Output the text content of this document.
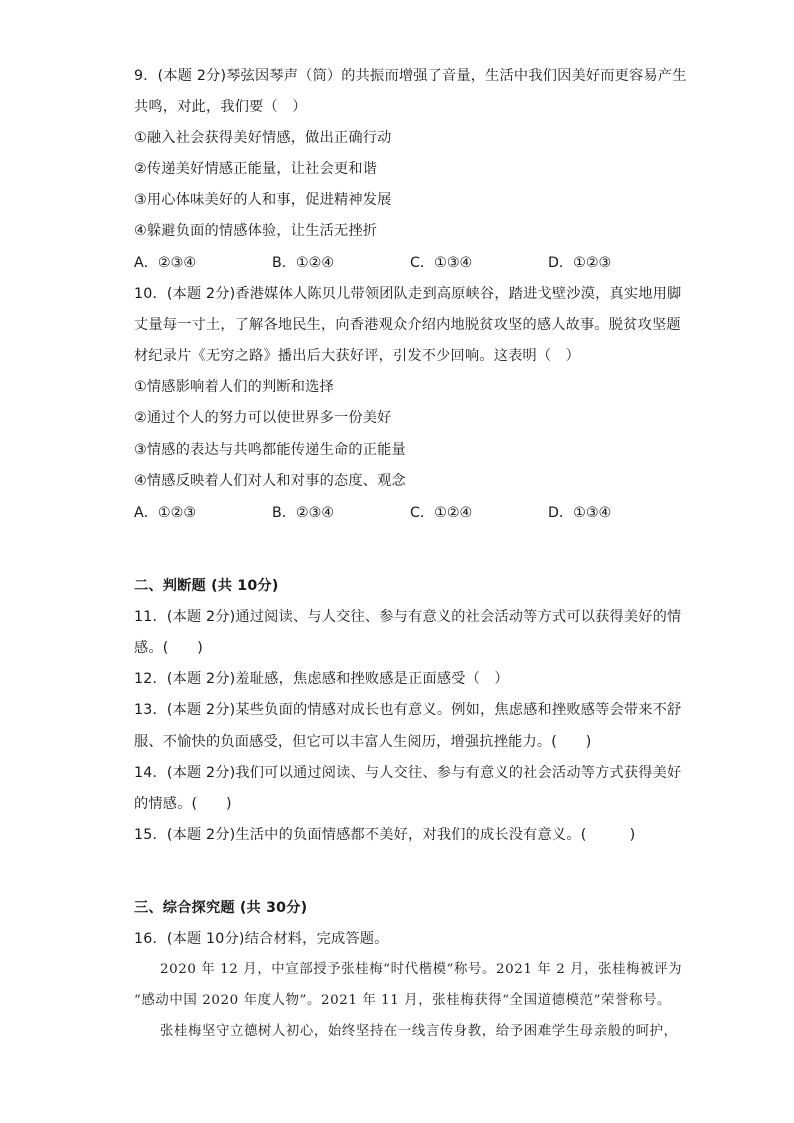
9．(本题 2分)琴弦因琴声（筒）的共振而增强了音量，生活中我们因美好而更容易产生
共鸣，对此，我们要（　）
①融入社会获得美好情感，做出正确行动
②传递美好情感正能量，让社会更和谐
③用心体味美好的人和事，促进精神发展
④躲避负面的情感体验，让生活无挫折
A．②③④	B．①②④	C．①③④	D．①②③
10．(本题 2分)香港媒体人陈贝儿带领团队走到高原峡谷，踏进戈壁沙漠，真实地用脚
丈量每一寸土，了解各地民生，向香港观众介绍内地脱贫攻坚的感人故事。脱贫攻坚题
材纪录片《无穷之路》播出后大获好评，引发不少回响。这表明（　）
①情感影响着人们的判断和选择
②通过个人的努力可以使世界多一份美好
③情感的表达与共鸣都能传递生命的正能量
④情感反映着人们对人和对事的态度、观念
A．①②③	B．②③④	C．①②④	D．①③④
二、判断题 (共 10分)
11．(本题 2分)通过阅读、与人交往、参与有意义的社会活动等方式可以获得美好的情
感。(　　)
12．(本题 2分)羞耻感，焦虑感和挫败感是正面感受（　）
13．(本题 2分)某些负面的情感对成长也有意义。例如，焦虑感和挫败感等会带来不舒
服、不愉快的负面感受，但它可以丰富人生阅历，增强抗挫能力。(　　)
14．(本题 2分)我们可以通过阅读、与人交往、参与有意义的社会活动等方式获得美好
的情感。(　　)
15．(本题 2分)生活中的负面情感都不美好，对我们的成长没有意义。(　　　)
三、综合探究题 (共 30分)
16．(本题 10分)结合材料，完成答题。
2020 年 12 月，中宣部授予张桂梅“时代楷模”称号。2021 年 2 月，张桂梅被评为
“感动中国 2020 年度人物”。2021 年 11 月，张桂梅获得“全国道德模范”荣誉称号。
张桂梅坚守立德树人初心，始终坚持在一线言传身教，给予困难学生母亲般的呵护，
